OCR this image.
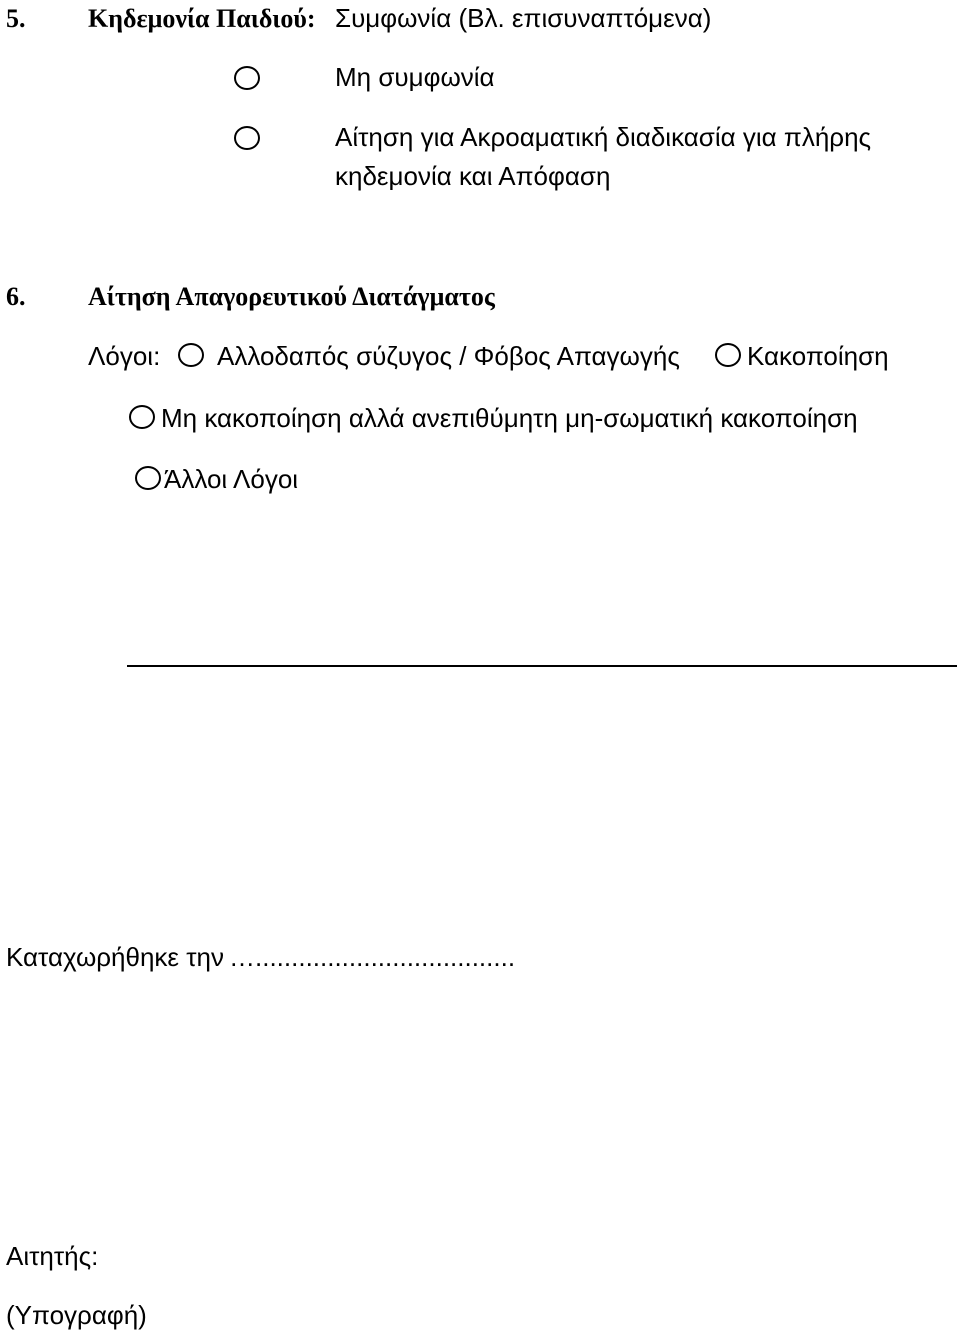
5. Κηδεμονία Παιδιού: Συμφωνία (Βλ. επισυναπτόμενα)
Μη συμφωνία
Αίτηση για Ακροαματική διαδικασία για πλήρης
κηδεμονία και Απόφαση
6. Αίτηση Απαγορευτικού Διατάγματος
Λόγοι: Αλλοδαπός σύζυγος / Φόβος Απαγωγής	Κακοποίηση
Μη κακοποίηση αλλά ανεπιθύμητη μη-σωματική κακοποίηση
Άλλοι Λόγοι
Καταχωρήθηκε την …....................................
Αιτητής:
(Υπογραφή)
